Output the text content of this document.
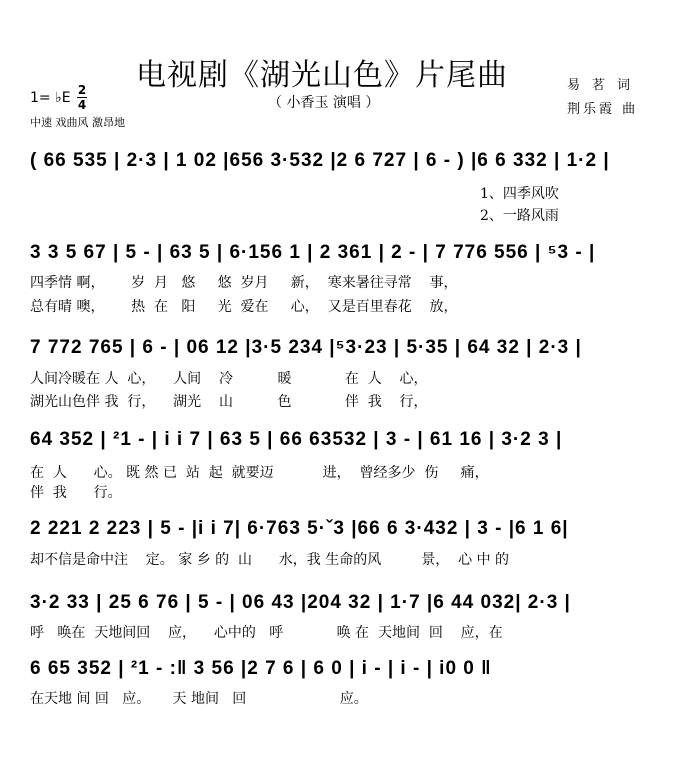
电视剧《湖光山色》片尾曲
（ 小香玉 演唱 ）
易茗词
荆乐霞 曲
1= ♭E 2
4
中速 戏曲风 激昂地
( 66 535 | 2·3 | 1 02 |656 3·532 |2 6 727 | 6 - ) |6 6 332 | 1·2 |
1、四季风吹
2、一路风雨
3 3 5 67 | 5 - | 63 5 | 6·156 1 | 2 361 | 2 - | 7 776 556 | ⁵3 - |
四季情 啊，      岁  月   悠     悠  岁月     新，  寒来暑往寻常    事，
总有晴 噢，      热  在   阳     光  爱在     心，  又是百里春花    放，
7 772 765 | 6 - | 06 12 |3·5 234 |⁵3·23 | 5·35 | 64 32 | 2·3 |
人间冷暖在 人  心，    人间    冷          暖            在  人    心，
湖光山色伴 我  行，    湖光    山          色            伴  我    行，
64 352 | ²1 - | i i 7 | 63 5 | 66 63532 | 3 - | 61 16 | 3·2 3 |
在  人      心。 既 然 已  站  起  就要迈           进，  曾经多少  伤     痛，
伴  我      行。
2 221 2 223 | 5 - |i i 7| 6·763 5·ˇ3 |66 6 3·432 | 3 - |6 1 6|
却不信是命中注    定。 家 乡 的  山      水，我 生命的风         景，  心 中 的
3·2 33 | 25 6 76 | 5 - | 06 43 |204 32 | 1·7 |6 44 032| 2·3 |
呼   唤在  天地间回    应，    心中的   呼            唤 在  天地间  回    应，在
6 65 352 | ²1 - :‖ 3 56 |2 7 6 | 6 0 | i - | i - | i0 0 ‖
在天地 间 回   应。     天 地间   回                     应。
